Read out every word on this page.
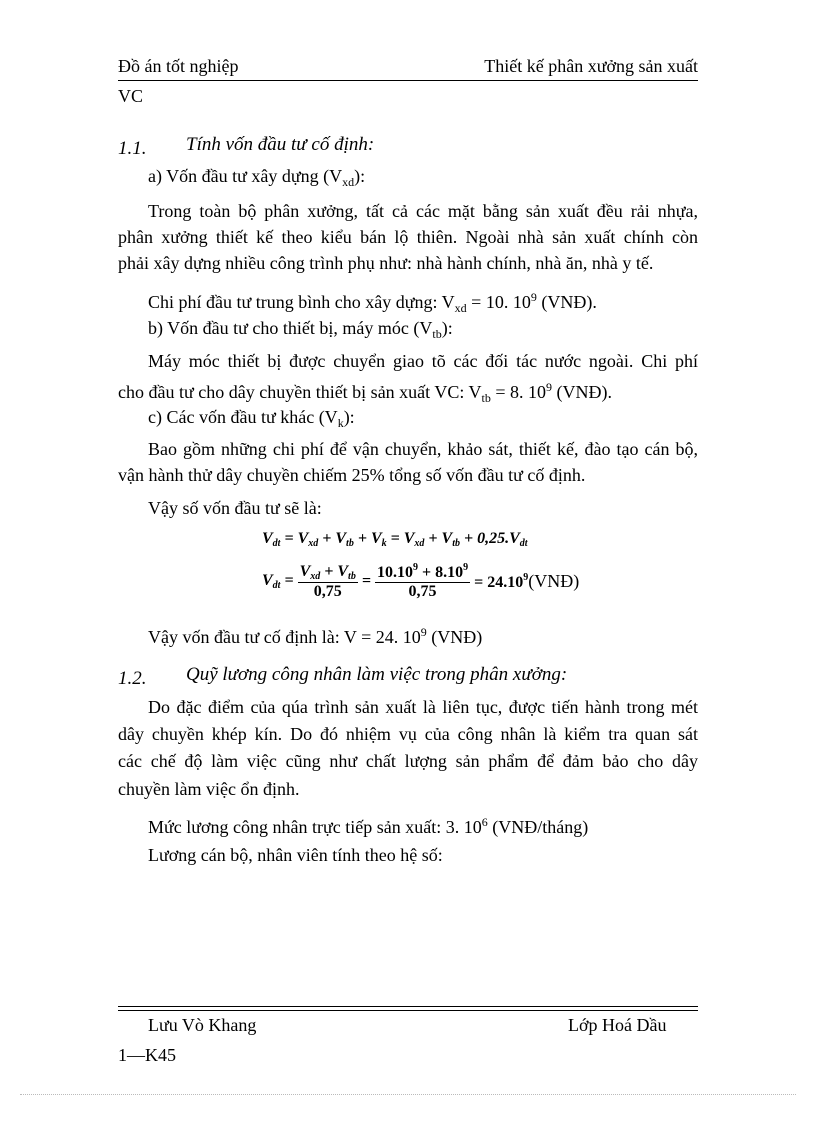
Đồ án tốt nghiệp	Thiết kế phân xưởng sản xuất
VC
1.1. Tính vốn đầu tư cố định:
a) Vốn đầu tư xây dựng $(V_{xd})$:
Trong toàn bộ phân xưởng, tất cả các mặt bằng sản xuất đều rải nhựa,
phân xưởng thiết kế theo kiểu bán lộ thiên. Ngoài nhà sản xuất chính còn
phải xây dựng nhiều công trình phụ như: nhà hành chính, nhà ăn, nhà y tế.
Chi phí đầu tư trung bình cho xây dựng: $V_{xd} = 10$. $10^9$ (VNĐ).
b) Vốn đầu tư cho thiết bị, máy móc $(V_{tb})$:
Máy móc thiết bị được chuyển giao tõ các đối tác nước ngoài. Chi phí
cho đầu tư cho dây chuyền thiết bị sản xuất VC: $V_{tb} = 8$. $10^9$ (VNĐ).
c) Các vốn đầu tư khác $(V_k)$:
Bao gồm những chi phí để vận chuyển, khảo sát, thiết kế, đào tạo cán bộ,
vận hành thử dây chuyền chiếm 25% tổng số vốn đầu tư cố định.
Vậy số vốn đầu tư sẽ là:
Vdt = Vxd + Vtb + Vk = Vxd + Vtb + 0,25.Vdt
Vdt = $\frac{\text{Vxd + Vtb}}{0,75} = \frac{10.10^9 + 8.10^9}{0,75}$ = $24.10^9(VNĐ)$
Vậy vốn đầu tư cố định là: V = 24. $10^9$ (VNĐ)
1.2. Quỹ lương công nhân làm việc trong phân xưởng:
Do đặc điểm của qúa trình sản xuất là liên tục, được tiến hành trong mét
dây chuyền khép kín. Do đó nhiệm vụ của công nhân là kiểm tra quan sát
các chế độ làm việc cũng như chất lượng sản phẩm để đảm bảo cho dây
chuyền làm việc ổn định.
Mức lương công nhân trực tiếp sản xuất: 3. $10^6$ (VNĐ/tháng)
Lương cán bộ, nhân viên tính theo hệ số:
Lưu Vò Khang	Lớp Hoá Dầu
1—K45
